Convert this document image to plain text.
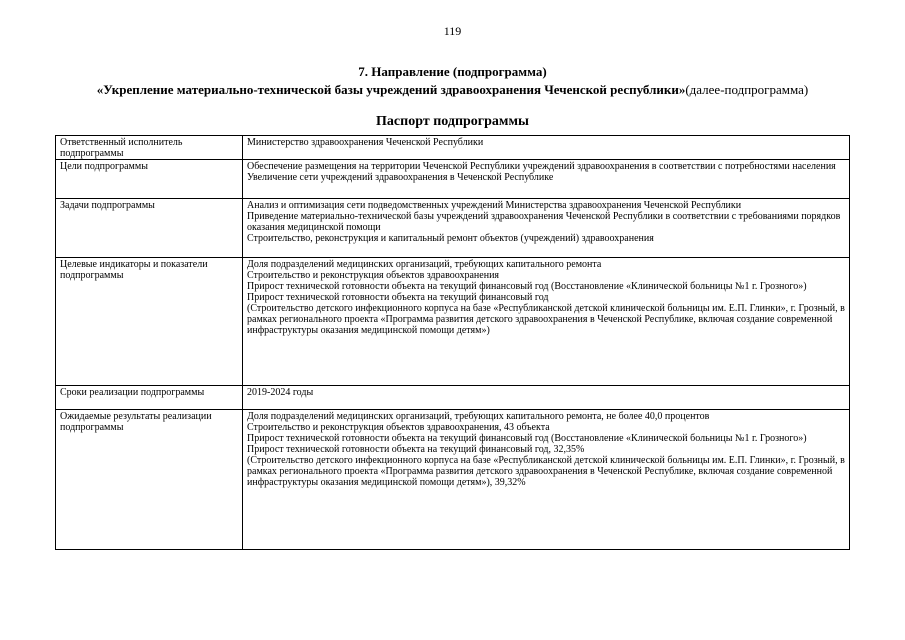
119
7. Направление (подпрограмма)
«Укрепление материально-технической базы учреждений здравоохранения Чеченской республики»(далее-подпрограмма)
Паспорт подпрограммы
Ответственный исполнитель подпрограммы	Министерство здравоохранения Чеченской Республики

Цели подпрограммы	Обеспечение размещения на территории Чеченской Республики учреждений здравоохранения в соответствии с потребностями населения
Увеличение сети учреждений здравоохранения в Чеченской Республике

Задачи подпрограммы	Анализ и оптимизация сети подведомственных учреждений Министерства здравоохранения Чеченской Республики
Приведение материально-технической базы учреждений здравоохранения Чеченской Республики в соответствии с требованиями порядков оказания медицинской помощи
Строительство, реконструкция и капитальный ремонт объектов (учреждений) здравоохранения

Целевые индикаторы и показатели подпрограммы	Доля подразделений медицинских организаций, требующих капитального ремонта
Строительство и реконструкция объектов здравоохранения
Прирост технической готовности объекта на текущий финансовый год (Восстановление «Клинической больницы №1 г. Грозного»)
Прирост технической готовности объекта на текущий финансовый год
(Строительство детского инфекционного корпуса на базе «Республиканской детской клинической больницы им. Е.П. Глинки», г. Грозный, в рамках регионального проекта «Программа развития детского здравоохранения в Чеченской Республике, включая создание современной инфраструктуры оказания медицинской помощи детям»)

Сроки реализации подпрограммы	2019-2024 годы

Ожидаемые результаты реализации подпрограммы	Доля подразделений медицинских организаций, требующих капитального ремонта, не более 40,0 процентов
Строительство и реконструкция объектов здравоохранения, 43 объекта
Прирост технической готовности объекта на текущий финансовый год (Восстановление «Клинической больницы №1 г. Грозного»)
Прирост технической готовности объекта на текущий финансовый год, 32,35%
(Строительство детского инфекционного корпуса на базе «Республиканской детской клинической больницы им. Е.П. Глинки», г. Грозный, в рамках регионального проекта «Программа развития детского здравоохранения в Чеченской Республике, включая создание современной инфраструктуры оказания медицинской помощи детям»), 39,32%
